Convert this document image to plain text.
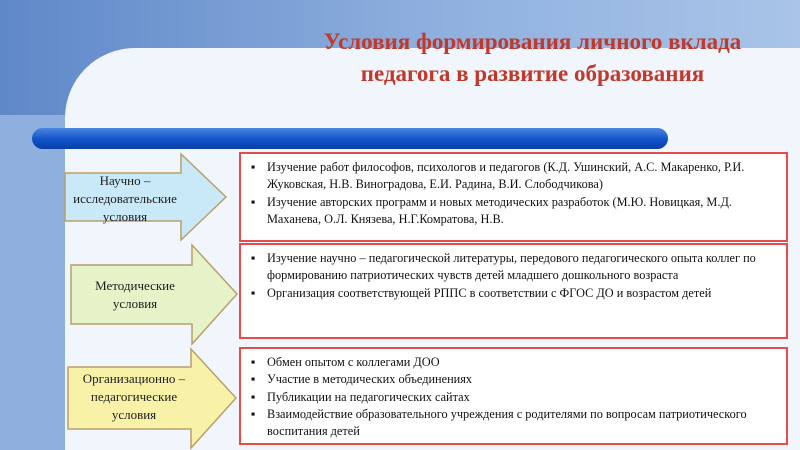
Условия формирования личного вклада
педагога в развитие образования
Научно – исследовательские условия
▪ Изучение работ философов, психологов и педагогов (К.Д. Ушинский, А.С. Макаренко, Р.И. Жуковская, Н.В. Виноградова, Е.И. Радина, В.И. Слободчикова)
▪ Изучение авторских программ и новых методических разработок (М.Ю. Новицкая, М.Д. Маханева, О.Л. Князева, Н.Г.Комратова, Н.В.
Методические условия
▪ Изучение научно – педагогической литературы, передового педагогического опыта коллег по формированию патриотических чувств детей младшего дошкольного возраста
▪ Организация соответствующей РППС в соответствии с ФГОС ДО и возрастом детей
Организационно – педагогические условия
▪ Обмен опытом с коллегами ДОО
▪ Участие в методических объединениях
▪ Публикации на педагогических сайтах
▪ Взаимодействие образовательного учреждения с родителями по вопросам патриотического воспитания детей
